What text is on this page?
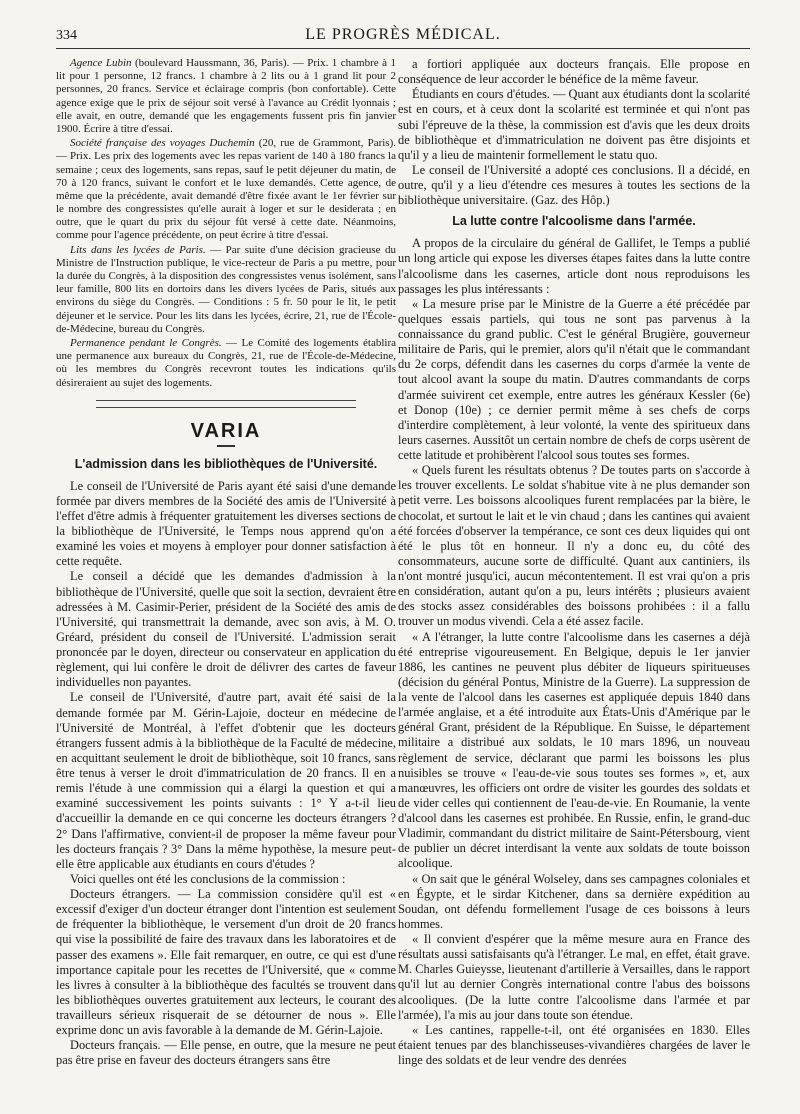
334	LE PROGRÈS MÉDICAL.

Agence Lubin (boulevard Haussmann, 36, Paris). — Prix. 1 chambre à 1 lit pour 1 personne, 12 francs. 1 chambre à 2 lits ou à 1 grand lit pour 2 personnes, 20 francs. Service et éclairage compris (bon confortable). Cette agence exige que le prix de séjour soit versé à l'avance au Crédit lyonnais ; elle avait, en outre, demandé que les engagements fussent pris fin janvier 1900. Écrire à titre d'essai.

Société française des voyages Duchemin (20, rue de Grammont, Paris). — Prix. Les prix des logements avec les repas varient de 140 à 180 francs la semaine ; ceux des logements, sans repas, sauf le petit déjeuner du matin, de 70 à 120 francs, suivant le confort et le luxe demandés. Cette agence, de même que la précédente, avait demandé d'être fixée avant le 1er février sur le nombre des congressistes qu'elle aurait à loger et sur le desiderata ; en outre, que le quart du prix du séjour fût versé à cette date. Néanmoins, comme pour l'agence précédente, on peut écrire à titre d'essai.

Lits dans les lycées de Paris. — Par suite d'une décision gracieuse du Ministre de l'Instruction publique, le vice-recteur de Paris a pu mettre, pour la durée du Congrès, à la disposition des congressistes venus isolément, sans leur famille, 800 lits en dortoirs dans les divers lycées de Paris, situés aux environs du siège du Congrès. — Conditions : 5 fr. 50 pour le lit, le petit déjeuner et le service. Pour les lits dans les lycées, écrire, 21, rue de l'École-de-Médecine, bureau du Congrès.

Permanence pendant le Congrès. — Le Comité des logements établira une permanence aux bureaux du Congrès, 21, rue de l'École-de-Médecine, où les membres du Congrès recevront toutes les indications qu'ils désireraient au sujet des logements.

VARIA
L'admission dans les bibliothèques de l'Université.

Le conseil de l'Université de Paris ayant été saisi d'une demande formée par divers membres de la Société des amis de l'Université à l'effet d'être admis à fréquenter gratuitement les diverses sections de la bibliothèque de l'Université, le Temps nous apprend qu'on a examiné les voies et moyens à employer pour donner satisfaction à cette requête.

Le conseil a décidé que les demandes d'admission à la bibliothèque de l'Université, quelle que soit la section, devraient être adressées à M. Casimir-Perier, président de la Société des amis de l'Université, qui transmettrait la demande, avec son avis, à M. O. Gréard, président du conseil de l'Université. L'admission serait prononcée par le doyen, directeur ou conservateur en application du règlement, qui lui confère le droit de délivrer des cartes de faveur individuelles non payantes.

Le conseil de l'Université, d'autre part, avait été saisi de la demande formée par M. Gérin-Lajoie, docteur en médecine de l'Université de Montréal, à l'effet d'obtenir que les docteurs étrangers fussent admis à la bibliothèque de la Faculté de médecine, en acquittant seulement le droit de bibliothèque, soit 10 francs, sans être tenus à verser le droit d'immatriculation de 20 francs. Il en a remis l'étude à une commission qui a élargi la question et qui a examiné successivement les points suivants : 1° Y a-t-il lieu d'accueillir la demande en ce qui concerne les docteurs étrangers ? 2° Dans l'affirmative, convient-il de proposer la même faveur pour les docteurs français ? 3° Dans la même hypothèse, la mesure peut-elle être applicable aux étudiants en cours d'études ?

Voici quelles ont été les conclusions de la commission :

Docteurs étrangers. — La commission considère qu'il est « excessif d'exiger d'un docteur étranger dont l'intention est seulement de fréquenter la bibliothèque, le versement d'un droit de 20 francs qui vise la possibilité de faire des travaux dans les laboratoires et de passer des examens ». Elle fait remarquer, en outre, ce qui est d'une importance capitale pour les recettes de l'Université, que « comme les livres à consulter à la bibliothèque des facultés se trouvent dans les bibliothèques ouvertes gratuitement aux lecteurs, le courant des travailleurs sérieux risquerait de se détourner de nous ». Elle exprime donc un avis favorable à la demande de M. Gérin-Lajoie.

Docteurs français. — Elle pense, en outre, que la mesure ne peut pas être prise en faveur des docteurs étrangers sans être

a fortiori appliquée aux docteurs français. Elle propose en conséquence de leur accorder le bénéfice de la même faveur.

Étudiants en cours d'études. — Quant aux étudiants dont la scolarité est en cours, et à ceux dont la scolarité est terminée et qui n'ont pas subi l'épreuve de la thèse, la commission est d'avis que les deux droits de bibliothèque et d'immatriculation ne doivent pas être disjoints et qu'il y a lieu de maintenir formellement le statu quo.

Le conseil de l'Université a adopté ces conclusions. Il a décidé, en outre, qu'il y a lieu d'étendre ces mesures à toutes les sections de la bibliothèque universitaire. (Gaz. des Hôp.)

La lutte contre l'alcoolisme dans l'armée.

A propos de la circulaire du général de Gallifet, le Temps a publié un long article qui expose les diverses étapes faites dans la lutte contre l'alcoolisme dans les casernes, article dont nous reproduisons les passages les plus intéressants :

« La mesure prise par le Ministre de la Guerre a été précédée par quelques essais partiels, qui tous ne sont pas parvenus à la connaissance du grand public. C'est le général Brugière, gouverneur militaire de Paris, qui le premier, alors qu'il n'était que le commandant du 2e corps, défendit dans les casernes du corps d'armée la vente de tout alcool avant la soupe du matin. D'autres commandants de corps d'armée suivirent cet exemple, entre autres les généraux Kessler (6e) et Donop (10e) ; ce dernier permit même à ses chefs de corps d'interdire complètement, à leur volonté, la vente des spiritueux dans leurs casernes. Aussitôt un certain nombre de chefs de corps usèrent de cette latitude et prohibèrent l'alcool sous toutes ses formes.

« Quels furent les résultats obtenus ? De toutes parts on s'accorde à les trouver excellents. Le soldat s'habitue vite à ne plus demander son petit verre. Les boissons alcooliques furent remplacées par la bière, le chocolat, et surtout le lait et le vin chaud ; dans les cantines qui avaient été forcées d'observer la tempérance, ce sont ces deux liquides qui ont été le plus tôt en honneur. Il n'y a donc eu, du côté des consommateurs, aucune sorte de difficulté. Quant aux cantiniers, ils n'ont montré jusqu'ici, aucun mécontentement. Il est vrai qu'on a pris en considération, autant qu'on a pu, leurs intérêts ; plusieurs avaient des stocks assez considérables des boissons prohibées : il a fallu trouver un modus vivendi. Cela a été assez facile.

« A l'étranger, la lutte contre l'alcoolisme dans les casernes a déjà été entreprise vigoureusement. En Belgique, depuis le 1er janvier 1886, les cantines ne peuvent plus débiter de liqueurs spiritueuses (décision du général Pontus, Ministre de la Guerre). La suppression de la vente de l'alcool dans les casernes est appliquée depuis 1840 dans l'armée anglaise, et a été introduite aux États-Unis d'Amérique par le général Grant, président de la République. En Suisse, le département militaire a distribué aux soldats, le 10 mars 1896, un nouveau règlement de service, déclarant que parmi les boissons les plus nuisibles se trouve « l'eau-de-vie sous toutes ses formes », et, aux manœuvres, les officiers ont ordre de visiter les gourdes des soldats et de vider celles qui contiennent de l'eau-de-vie. En Roumanie, la vente d'alcool dans les casernes est prohibée. En Russie, enfin, le grand-duc Vladimir, commandant du district militaire de Saint-Pétersbourg, vient de publier un décret interdisant la vente aux soldats de toute boisson alcoolique.

« On sait que le général Wolseley, dans ses campagnes coloniales et en Égypte, et le sirdar Kitchener, dans sa dernière expédition au Soudan, ont défendu formellement l'usage de ces boissons à leurs hommes.

« Il convient d'espérer que la même mesure aura en France des résultats aussi satisfaisants qu'à l'étranger. Le mal, en effet, était grave. M. Charles Guieysse, lieutenant d'artillerie à Versailles, dans le rapport qu'il lut au dernier Congrès international contre l'abus des boissons alcooliques. (De la lutte contre l'alcoolisme dans l'armée et par l'armée), l'a mis au jour dans toute son étendue.

« Les cantines, rappelle-t-il, ont été organisées en 1830. Elles étaient tenues par des blanchisseuses-vivandières chargées de laver le linge des soldats et de leur vendre des denrées
